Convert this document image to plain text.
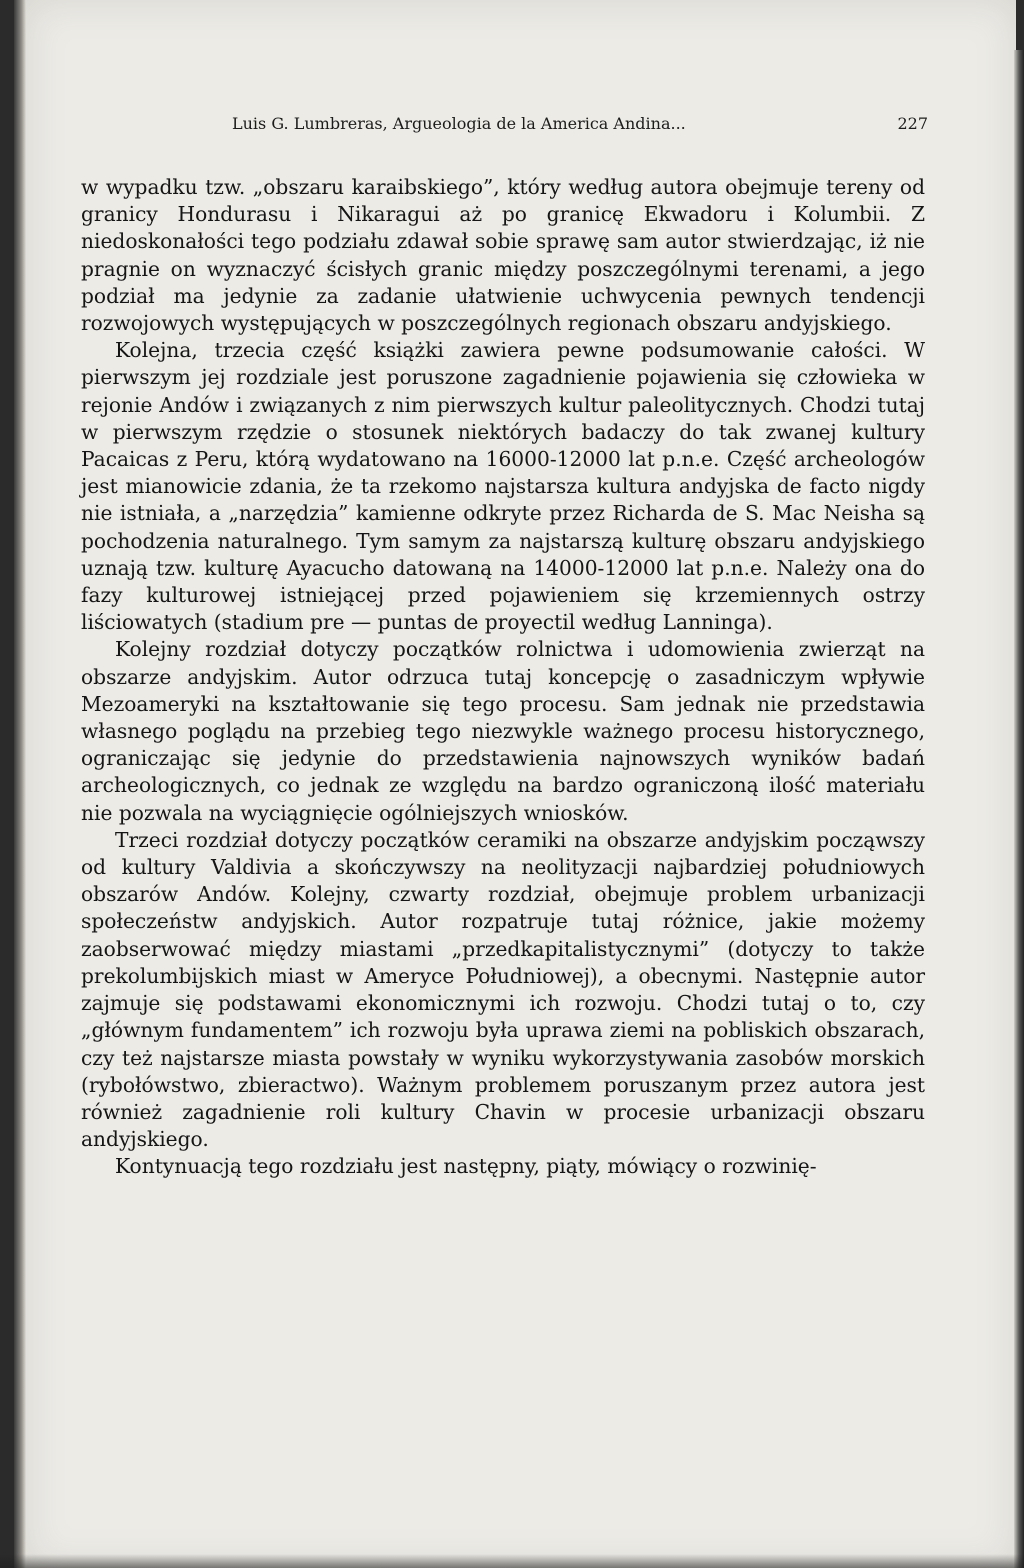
Luis G. Lumbreras, Argueologia de la America Andina...	227

w wypadku tzw. „obszaru karaibskiego”, który według autora obejmuje tereny od granicy Hondurasu i Nikaragui aż po granicę Ekwadoru i Kolumbii. Z niedoskonałości tego podziału zdawał sobie sprawę sam autor stwierdzając, iż nie pragnie on wyznaczyć ścisłych granic między poszczególnymi terenami, a jego podział ma jedynie za zadanie ułatwienie uchwycenia pewnych tendencji rozwojowych występujących w poszczególnych regionach obszaru andyjskiego.

Kolejna, trzecia część książki zawiera pewne podsumowanie całości. W pierwszym jej rozdziale jest poruszone zagadnienie pojawienia się człowieka w rejonie Andów i związanych z nim pierwszych kultur paleolitycznych. Chodzi tutaj w pierwszym rzędzie o stosunek niektórych badaczy do tak zwanej kultury Pacaicas z Peru, którą wydatowano na 16000-12000 lat p.n.e. Część archeologów jest mianowicie zdania, że ta rzekomo najstarsza kultura andyjska de facto nigdy nie istniała, a „narzędzia” kamienne odkryte przez Richarda de S. Mac Neisha są pochodzenia naturalnego. Tym samym za najstarszą kulturę obszaru andyjskiego uznają tzw. kulturę Ayacucho datowaną na 14000-12000 lat p.n.e. Należy ona do fazy kulturowej istniejącej przed pojawieniem się krzemiennych ostrzy liściowatych (stadium pre — puntas de proyectil według Lanninga).

Kolejny rozdział dotyczy początków rolnictwa i udomowienia zwierząt na obszarze andyjskim. Autor odrzuca tutaj koncepcję o zasadniczym wpływie Mezoameryki na kształtowanie się tego procesu. Sam jednak nie przedstawia własnego poglądu na przebieg tego niezwykle ważnego procesu historycznego, ograniczając się jedynie do przedstawienia najnowszych wyników badań archeologicznych, co jednak ze względu na bardzo ograniczoną ilość materiału nie pozwala na wyciągnięcie ogólniejszych wniosków.

Trzeci rozdział dotyczy początków ceramiki na obszarze andyjskim począwszy od kultury Valdivia a skończywszy na neolityzacji najbardziej południowych obszarów Andów. Kolejny, czwarty rozdział, obejmuje problem urbanizacji społeczeństw andyjskich. Autor rozpatruje tutaj różnice, jakie możemy zaobserwować między miastami „przedkapitalistycznymi” (dotyczy to także prekolumbijskich miast w Ameryce Południowej), a obecnymi. Następnie autor zajmuje się podstawami ekonomicznymi ich rozwoju. Chodzi tutaj o to, czy „głównym fundamentem” ich rozwoju była uprawa ziemi na pobliskich obszarach, czy też najstarsze miasta powstały w wyniku wykorzystywania zasobów morskich (rybołówstwo, zbieractwo). Ważnym problemem poruszanym przez autora jest również zagadnienie roli kultury Chavin w procesie urbanizacji obszaru andyjskiego.

Kontynuacją tego rozdziału jest następny, piąty, mówiący o rozwinię-
